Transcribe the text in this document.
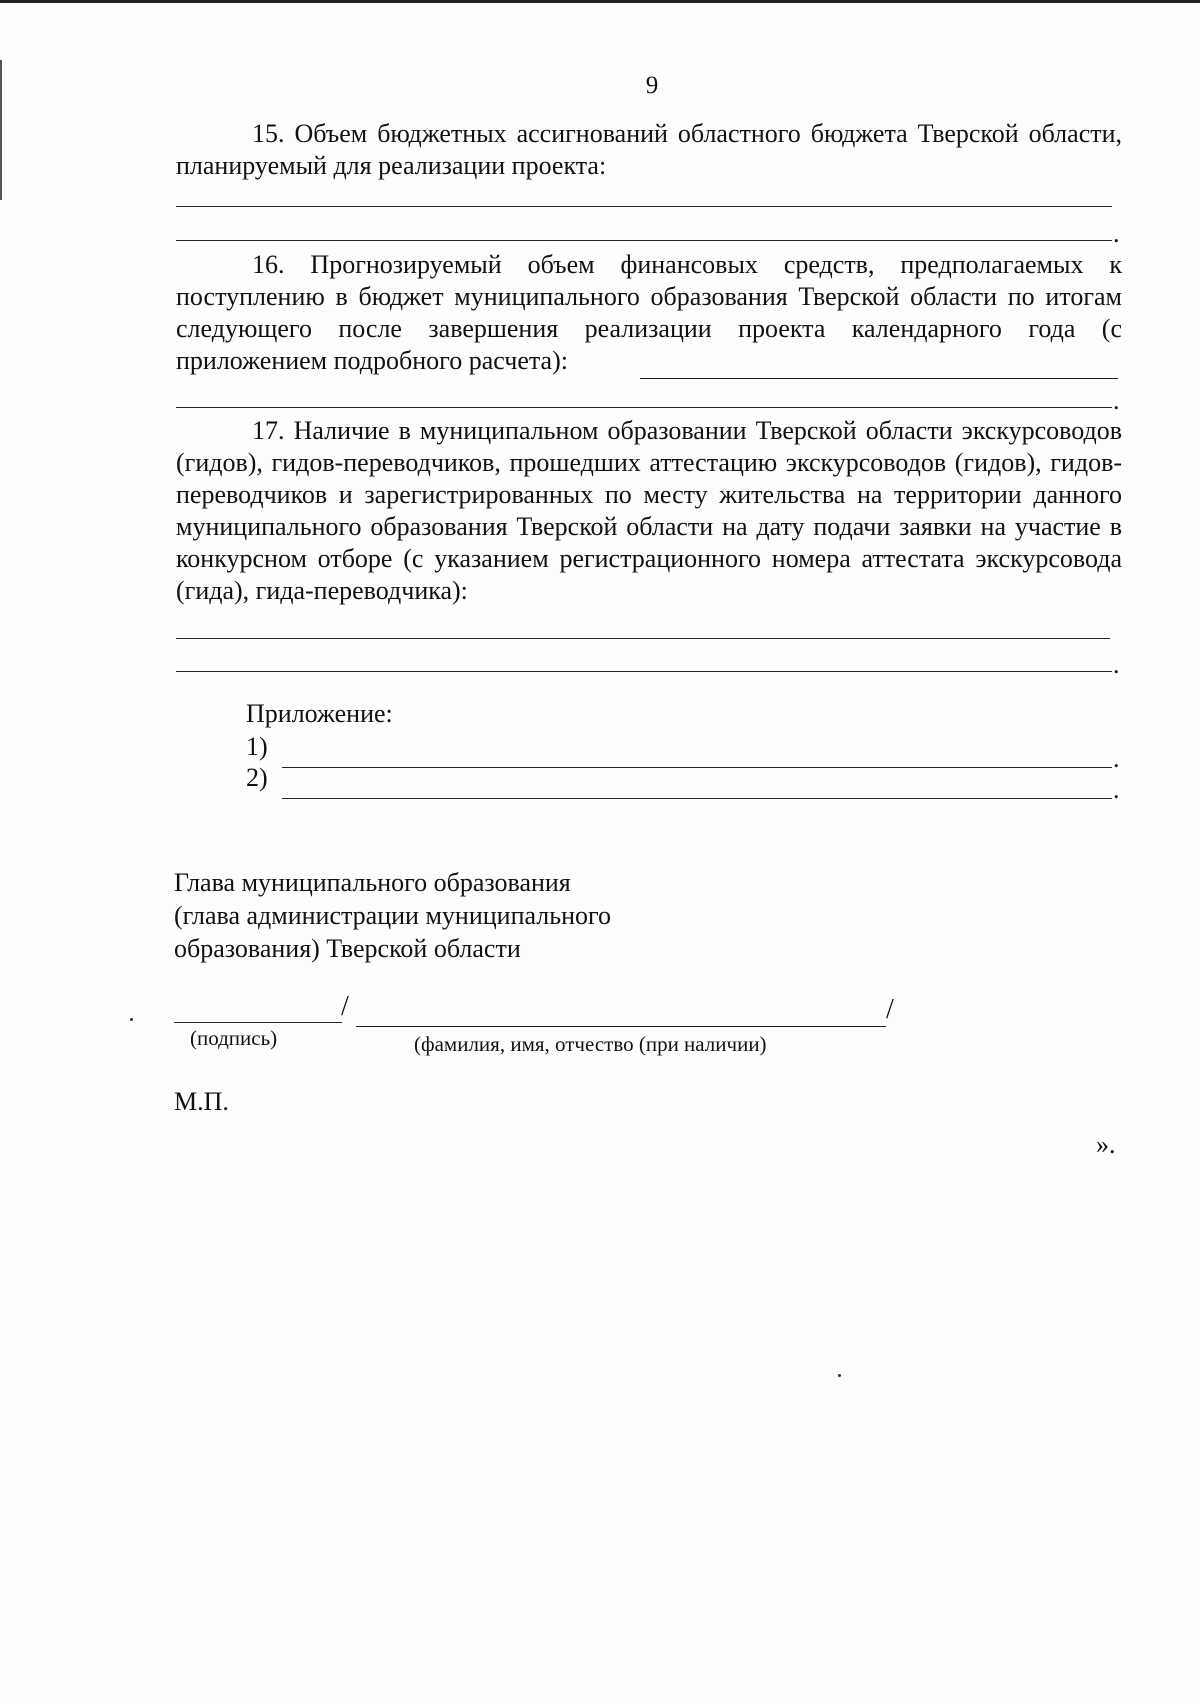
9
15. Объем бюджетных ассигнований областного бюджета Тверской области, планируемый для реализации проекта:
.
16. Прогнозируемый объем финансовых средств, предполагаемых к поступлению в бюджет муниципального образования Тверской области по итогам следующего после завершения реализации проекта календарного года (с приложением подробного расчета):
.
17. Наличие в муниципальном образовании Тверской области экскурсоводов (гидов), гидов-переводчиков, прошедших аттестацию экскурсоводов (гидов), гидов-переводчиков и зарегистрированных по месту жительства на территории данного муниципального образования Тверской области на дату подачи заявки на участие в конкурсном отборе (с указанием регистрационного номера аттестата экскурсовода (гида), гида-переводчика):
.
Приложение:
1)	.
2)	.
Глава муниципального образования
(глава администрации муниципального
образования) Тверской области
/	/
(подпись)	(фамилия, имя, отчество (при наличии)
М.П.
».
